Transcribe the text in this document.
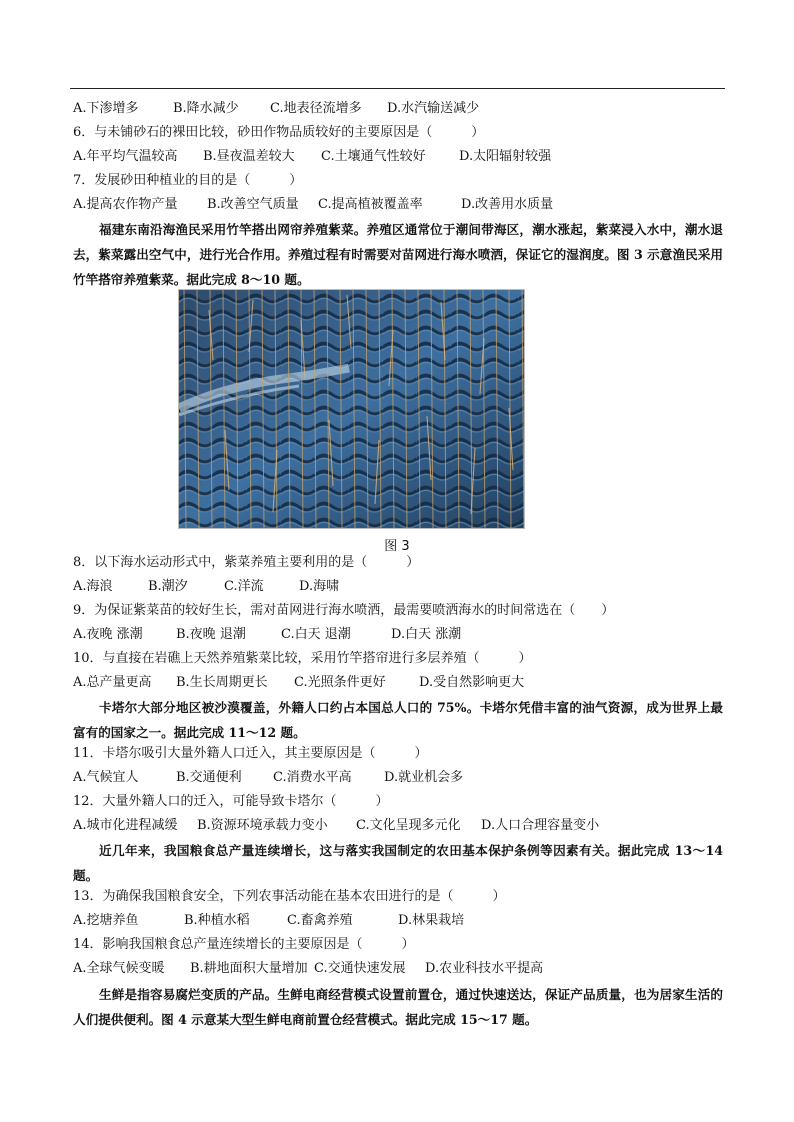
A.下渗增多	B.降水减少 C.地表径流增多 D.水汽输送减少
6．与未铺砂石的裸田比较，砂田作物品质较好的主要原因是（　　　）
A.年平均气温较高 B.昼夜温差较大 C.土壤通气性较好	D.太阳辐射较强
7．发展砂田种植业的目的是（　　　）
A.提高农作物产量 B.改善空气质量 C.提高植被覆盖率	D.改善用水质量
福建东南沿海渔民采用竹竿搭出网帘养殖紫菜。养殖区通常位于潮间带海区，潮水涨起，紫菜浸入水中，潮水退去，紫菜露出空气中，进行光合作用。养殖过程有时需要对苗网进行海水喷洒，保证它的湿润度。图 3 示意渔民采用竹竿搭帘养殖紫菜。据此完成 8～10 题。
图 3
8．以下海水运动形式中，紫菜养殖主要利用的是（　　　）
A.海浪	B.潮汐	C.洋流	D.海啸
9．为保证紫菜苗的较好生长，需对苗网进行海水喷洒，最需要喷洒海水的时间常选在（　　）
A.夜晚 涨潮	B.夜晚 退潮	C.白天 退潮	D.白天 涨潮
10．与直接在岩礁上天然养殖紫菜比较，采用竹竿搭帘进行多层养殖（　　　）
A.总产量更高 B.生长周期更长 C.光照条件更好	D.受自然影响更大
卡塔尔大部分地区被沙漠覆盖，外籍人口约占本国总人口的 75%。卡塔尔凭借丰富的油气资源，成为世界上最富有的国家之一。据此完成 11～12 题。
11．卡塔尔吸引大量外籍人口迁入，其主要原因是（　　　）
A.气候宜人	B.交通便利 C.消费水平高 D.就业机会多
12．大量外籍人口的迁入，可能导致卡塔尔（　　　）
A.城市化进程减缓 B.资源环境承载力变小 C.文化呈现多元化 D.人口合理容量变小
近几年来，我国粮食总产量连续增长，这与落实我国制定的农田基本保护条例等因素有关。据此完成 13～14 题。
13．为确保我国粮食安全，下列农事活动能在基本农田进行的是（　　　）
A.挖塘养鱼	B.种植水稻	C.畜禽养殖	D.林果栽培
14．影响我国粮食总产量连续增长的主要原因是（　　　）
A.全球气候变暖 B.耕地面积大量增加 C.交通快速发展 D.农业科技水平提高
生鲜是指容易腐烂变质的产品。生鲜电商经营模式设置前置仓，通过快速送达，保证产品质量，也为居家生活的人们提供便利。图 4 示意某大型生鲜电商前置仓经营模式。据此完成 15～17 题。
